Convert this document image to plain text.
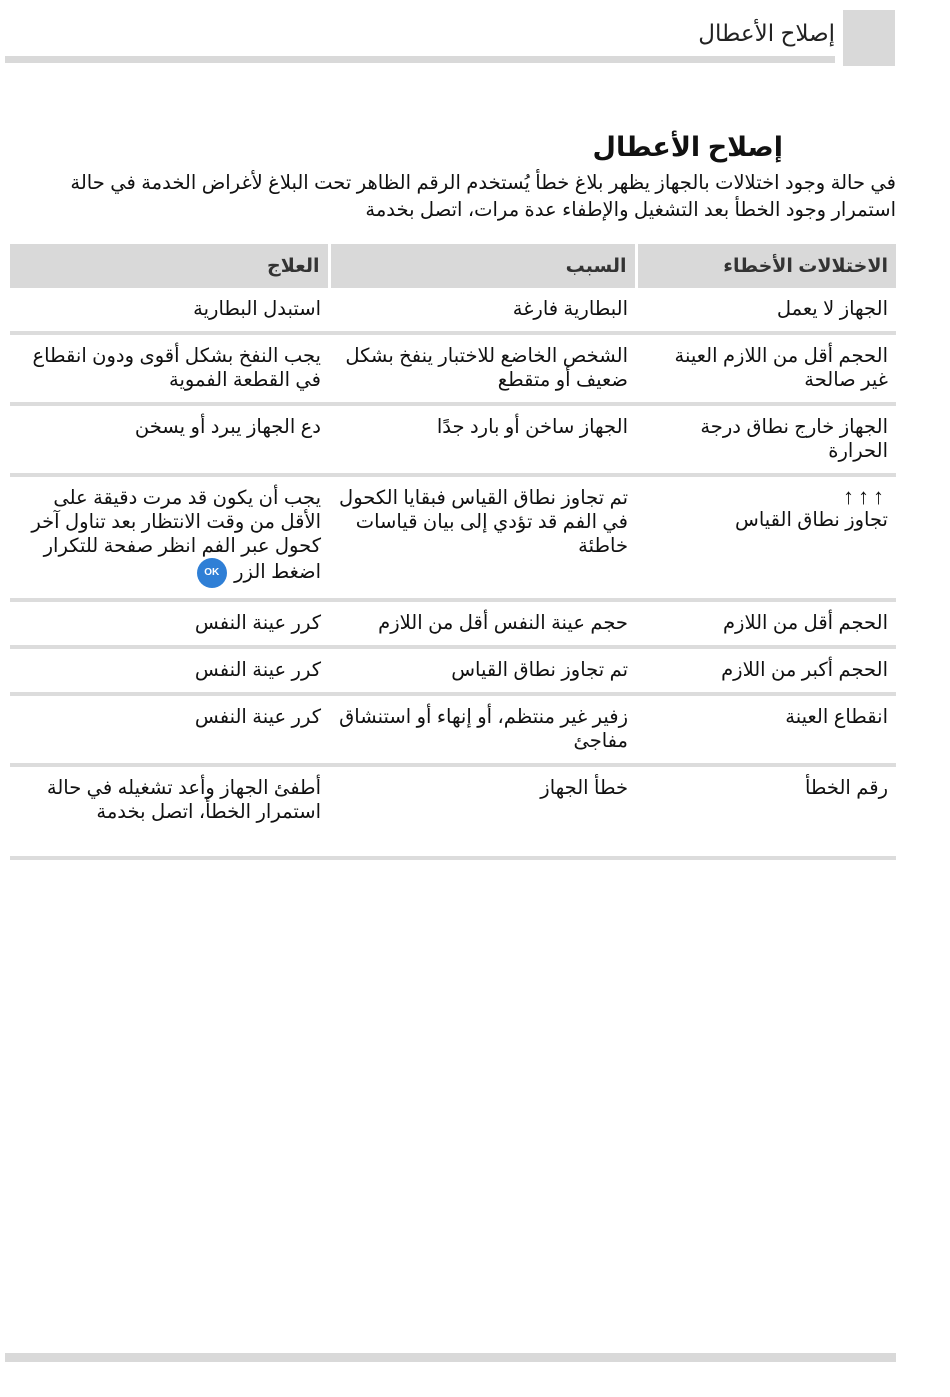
إصلاح الأعطال
إصلاح الأعطال

في حالة وجود اختلالات بالجهاز يظهر بلاغ خطأ يُستخدم الرقم الظاهر تحت البلاغ لأغراض الخدمة في حالة استمرار وجود الخطأ بعد التشغيل والإطفاء عدة مرات، اتصل بخدمة

الاختلالات الأخطاء	السبب	العلاج
الجهاز لا يعمل	البطارية فارغة	استبدل البطارية
الحجم أقل من اللازم العينة غير صالحة	الشخص الخاضع للاختبار ينفخ بشكل ضعيف أو متقطع	يجب النفخ بشكل أقوى ودون انقطاع في القطعة الفموية
الجهاز خارج نطاق درجة الحرارة	الجهاز ساخن أو بارد جدًا	دع الجهاز يبرد أو يسخن

↑↑↑
تجاوز نطاق القياس	تم تجاوز نطاق القياس فبقايا الكحول في الفم قد تؤدي إلى بيان قياسات خاطئة	يجب أن يكون قد مرت دقيقة على الأقل من وقت الانتظار بعد تناول آخر كحول عبر الفم انظر صفحة للتكرار اضغط الزر OK
الحجم أقل من اللازم	حجم عينة النفس أقل من اللازم	كرر عينة النفس
الحجم أكبر من اللازم	تم تجاوز نطاق القياس	كرر عينة النفس
انقطاع العينة	زفير غير منتظم، أو إنهاء أو استنشاق مفاجئ	كرر عينة النفس
رقم الخطأ	خطأ الجهاز	أطفئ الجهاز وأعد تشغيله في حالة استمرار الخطأ، اتصل بخدمة
